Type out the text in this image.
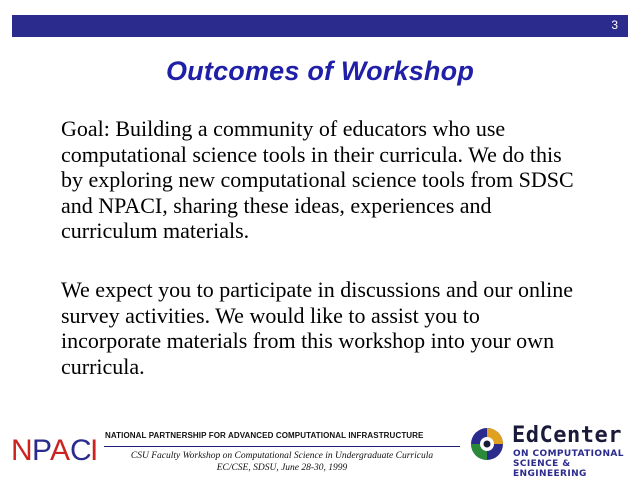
3
Outcomes of Workshop
Goal: Building a community of educators who use computational science tools in their curricula. We do this by exploring new computational science tools from SDSC and NPACI, sharing these ideas, experiences and curriculum materials.
We expect you to participate in discussions and our online survey activities. We would like to assist you to incorporate materials from this workshop into your own curricula.
N P A C I NATIONAL PARTNERSHIP FOR ADVANCED COMPUTATIONAL INFRASTRUCTURE
CSU Faculty Workshop on Computational Science in Undergraduate Curricula
EC/CSE, SDSU, June 28-30, 1999
EdCenter
ON COMPUTATIONAL
SCIENCE & ENGINEERING
